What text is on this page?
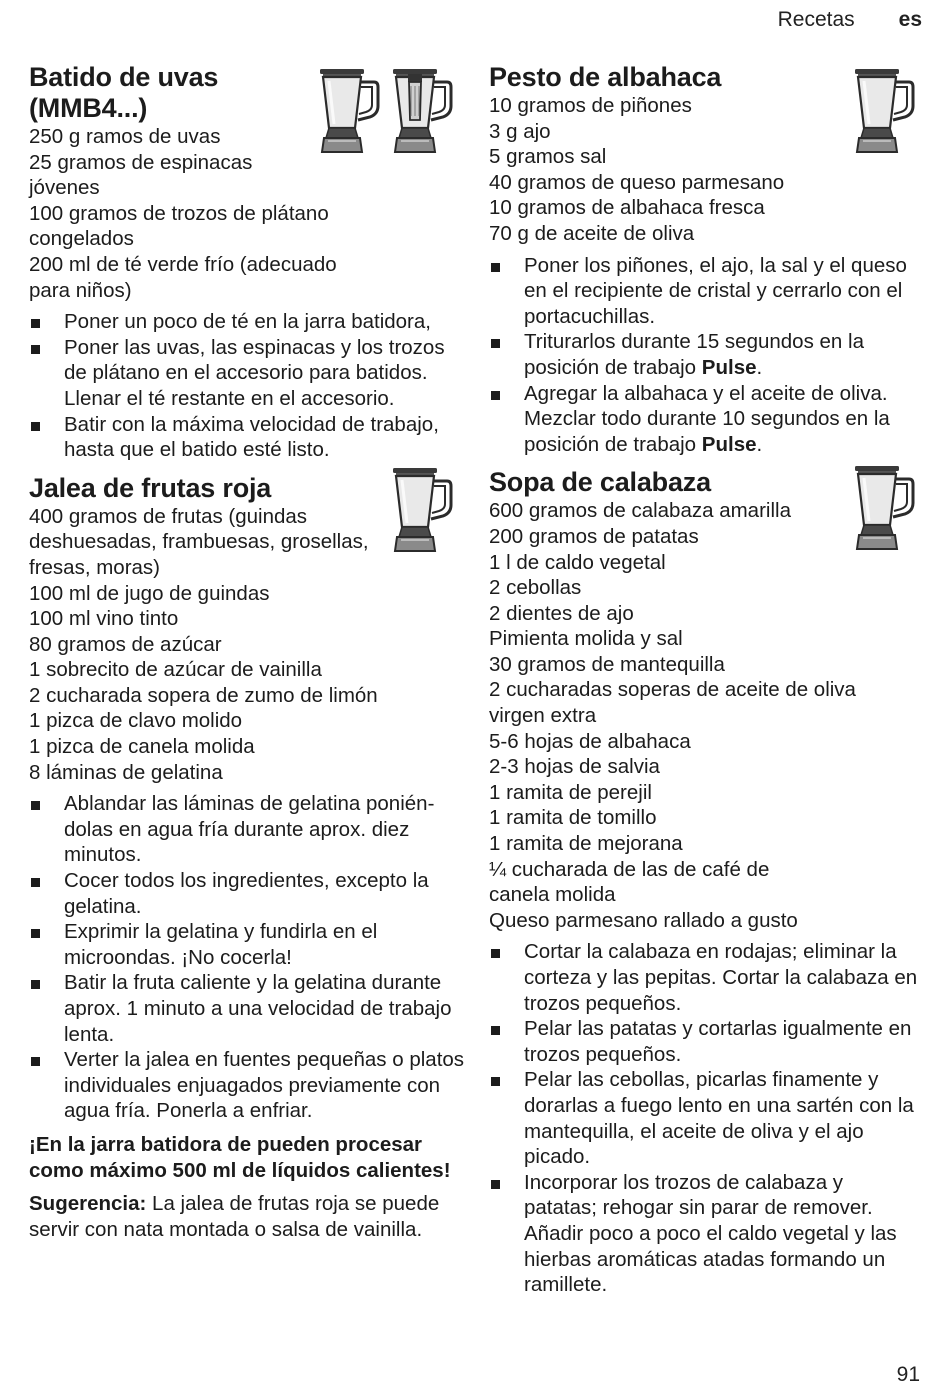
Recetas es
Batido de uvas
(MMB4...)
250 g ramos de uvas
25 gramos de espinacas
jóvenes
100 gramos de trozos de plátano
congelados
200 ml de té verde frío (adecuado
para niños)
Poner un poco de té en la jarra batidora,
Poner las uvas, las espinacas y los trozos de plátano en el accesorio para batidos. Llenar el té restante en el accesorio.
Batir con la máxima velocidad de trabajo, hasta que el batido esté listo.
Jalea de frutas roja
400 gramos de frutas (guindas
deshuesadas, frambuesas, grosellas,
fresas, moras)
100 ml de jugo de guindas
100 ml vino tinto
80 gramos de azúcar
1 sobrecito de azúcar de vainilla
2 cucharada sopera de zumo de limón
1 pizca de clavo molido
1 pizca de canela molida
8 láminas de gelatina
Ablandar las láminas de gelatina poniéndolas en agua fría durante aprox. diez minutos.
Cocer todos los ingredientes, excepto la gelatina.
Exprimir la gelatina y fundirla en el microondas. ¡No cocerla!
Batir la fruta caliente y la gelatina durante aprox. 1 minuto a una velocidad de trabajo lenta.
Verter la jalea en fuentes pequeñas o platos individuales enjuagados previamente con agua fría. Ponerla a enfriar.

¡En la jarra batidora de pueden procesar como máximo 500 ml de líquidos calientes!

Sugerencia: La jalea de frutas roja se puede servir con nata montada o salsa de vainilla.

Pesto de albahaca
10 gramos de piñones
3 g ajo
5 gramos sal
40 gramos de queso parmesano
10 gramos de albahaca fresca
70 g de aceite de oliva
Poner los piñones, el ajo, la sal y el queso en el recipiente de cristal y cerrarlo con el portacuchillas.
Triturarlos durante 15 segundos en la posición de trabajo Pulse.
Agregar la albahaca y el aceite de oliva. Mezclar todo durante 10 segundos en la posición de trabajo Pulse.
Sopa de calabaza
600 gramos de calabaza amarilla
200 gramos de patatas
1 l de caldo vegetal
2 cebollas
2 dientes de ajo
Pimienta molida y sal
30 gramos de mantequilla
2 cucharadas soperas de aceite de oliva
virgen extra
5-6 hojas de albahaca
2-3 hojas de salvia
1 ramita de perejil
1 ramita de tomillo
1 ramita de mejorana
¼ cucharada de las de café de
canela molida
Queso parmesano rallado a gusto
Cortar la calabaza en rodajas; eliminar la corteza y las pepitas. Cortar la calabaza en trozos pequeños.
Pelar las patatas y cortarlas igualmente en trozos pequeños.
Pelar las cebollas, picarlas finamente y dorarlas a fuego lento en una sartén con la mantequilla, el aceite de oliva y el ajo picado.
Incorporar los trozos de calabaza y patatas; rehogar sin parar de remover. Añadir poco a poco el caldo vegetal y las hierbas aromáticas atadas formando un ramillete.
91
